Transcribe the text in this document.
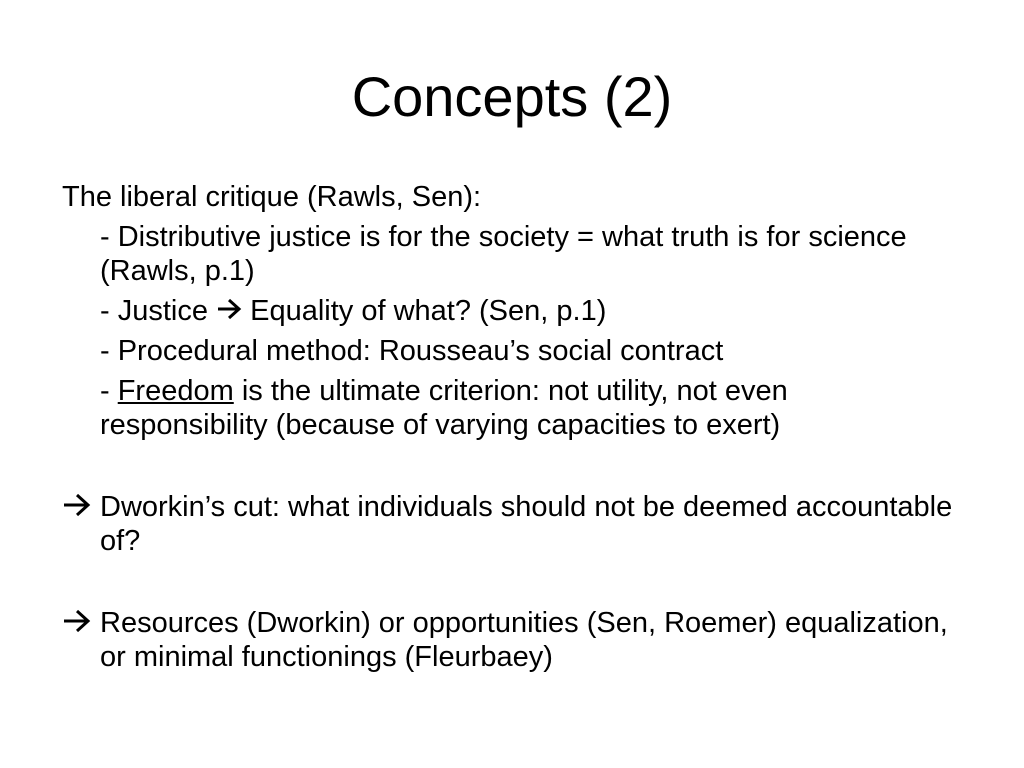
Concepts (2)
The liberal critique (Rawls, Sen):
- Distributive justice is for the society = what truth is for science (Rawls, p.1)
- Justice Equality of what? (Sen, p.1)
- Procedural method: Rousseau’s social contract
- Freedom is the ultimate criterion: not utility, not even responsibility (because of varying capacities to exert)
Dworkin’s cut: what individuals should not be deemed accountable of?
Resources (Dworkin) or opportunities (Sen, Roemer) equalization, or minimal functionings (Fleurbaey)
